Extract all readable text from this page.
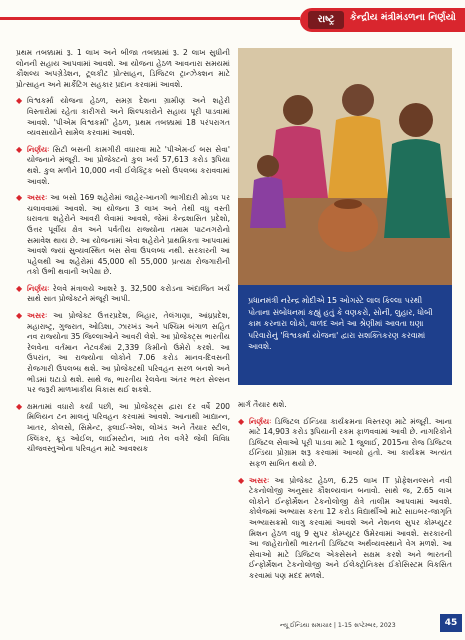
રાષ્ટ્ર	કેન્દ્રીય મંત્રીમંડળના નિર્ણયો

પ્રથમ તબક્કામાં રૂ. 1 લાખ અને બીજા તબક્કામાં રૂ. 2 લાખ સુધીની લોનની સહાય આપવામાં આવશે. આ યોજના હેઠળ આવનારા સમયમાં કૌશલ્ય અપગ્રેડેશન, ટૂલકીટ પ્રોત્સાહન, ડિજિટલ ટ્રાન્ઝેક્શન માટે પ્રોત્સાહન અને માર્કેટિંગ સહકાર પ્રદાન કરવામાં આવશે.

◆ વિશ્વકર્મા યોજના હેઠળ, સમગ્ર દેશના ગ્રામીણ અને શહેરી વિસ્તારોમાં રહેતા કારીગરો અને શિલ્પકારોને સહાય પૂરી પાડવામાં આવશે. 'પીએમ વિશ્વકર્મા' હેઠળ, પ્રથમ તબક્કામાં 18 પરંપરાગત વ્યવસાયોને સામેલ કરવામાં આવશે.

◆ નિર્ણયઃ સિટી બસની કામગીરી વધારવા માટે 'પીએમ-ઈ બસ સેવા' યોજનાને મંજૂરી. આ પ્રોજેક્ટનો કુલ ખર્ચ 57,613 કરોડ રૂપિયા થશે. કુલ મળીને 10,000 નવી ઈલેક્ટ્રિક બસો ઉપલબ્ધ કરાવવામાં આવશે.

◆ અસરઃ આ બસો 169 શહેરોમાં જાહેર-ખાનગી ભાગીદારી મોડલ પર ચલાવવામાં આવશે. આ યોજના 3 લાખ અને તેથી વધુ વસ્તી ધરાવતા શહેરોને આવરી લેવામાં આવશે, જેમાં કેન્દ્રશાસિત પ્રદેશો, ઉત્તર પૂર્વીય ક્ષેત્ર અને પર્વતીય રાજ્યોના તમામ પાટનગરોનો સમાવેશ થાય છે. આ યોજનામાં એવા શહેરોને પ્રાથમિકતા આપવામાં આવશે જ્યાં સુવ્યવસ્થિત બસ સેવા ઉપલબ્ધ નથી. સરકારની આ પહેલથી આ શહેરોમાં 45,000 થી 55,000 પ્રત્યક્ષ રોજગારીની તકો ઉભી થવાની અપેક્ષા છે.

◆ નિર્ણયઃ રેલવે મંત્રાલયે આશરે રૂ. 32,500 કરોડના અંદાજિત ખર્ચ સાથે સાત પ્રોજેક્ટને મંજૂરી આપી.

◆ અસરઃ આ પ્રોજેક્ટ ઉત્તરપ્રદેશ, બિહાર, તેલંગાણા, આંધ્રપ્રદેશ, મહારાષ્ટ્ર, ગુજરાત, ઓડિશા, ઝારખંડ અને પશ્ચિમ બંગાળ સહિત નવ રાજ્યોના 35 જિલ્લાઓને આવરી લેશે. આ પ્રોજેક્ટ્સ ભારતીય રેલવેના વર્તમાન નેટવર્કમાં 2,339 કિમીનો ઉમેરો કરશે. આ ઉપરાંત, આ રાજ્યોના લોકોને 7.06 કરોડ માનવ-દિવસની રોજગારી ઉપલબ્ધ થશે. આ પ્રોજેક્ટથી પરિવહન સરળ બનશે અને ભીડમાં ઘટાડો થશે. સાથે જ, ભારતીય રેલવેના અંતર ભરત સેલ્સન પર જરૂરી માળખાકીય વિકાસ થઈ શકશે.

◆ ક્ષમતામાં વધારો કર્યા પછી, આ પ્રોજેક્ટ્સ દ્વારા દર વર્ષે 200 મિલિયન ટન માલનું પરિવહન કરવામાં આવશે. આનાથી ખાદ્યાન્ન, ખાતર, કોલસો, સિમેન્ટ, ફ્લાઈ-એશ, લોખંડ અને તૈયાર સ્ટીલ, ક્લિંકર, ક્રૂડ ઓઈલ, લાઈમસ્ટોન, ખાદ્ય તેલ વગેરે જેવી વિવિધ ચીજવસ્તુઓના પરિવહન માટે આવશ્યક

પ્રધાનમંત્રી નરેન્દ્ર મોદીએ 15 ઓગસ્ટે લાલ કિલ્લા પરથી પોતાના સંબોધનમાં કહ્યું હતું કે વણકરો, સોની, લુહાર, ધોબી કામ કરનારા લોકો, વાળંદ અને આ શ્રેણીમાં આવતા ઘણા પરિવારોનું 'વિશ્વકર્મા યોજના' દ્વારા સશક્તિકરણ કરવામાં આવશે.

માર્ગ તૈયાર થશે.

◆ નિર્ણયઃ ડિજિટલ ઈન્ડિયા કાર્યક્રમના વિસ્તરણ માટે મંજૂરી. આના માટે 14,903 કરોડ રૂપિયાની રકમ ફાળવવામાં આવી છે. નાગરિકોને ડિજિટલ સેવાઓ પૂરી પાડવા માટે 1 જુલાઈ, 2015ના રોજ ડિજિટલ ઈન્ડિયા પ્રોગ્રામ શરૂ કરવામાં આવ્યો હતો. આ કાર્યક્રમ અત્યંત સફળ સાબિત થયો છે.

◆ અસરઃ આ પ્રોજેક્ટ હેઠળ, 6.25 લાખ IT પ્રોફેશનલ્સને નવી ટેકનોલોજી અનુસાર કૌશલ્યવાન બનાવો. સાથે જ, 2.65 લાખ લોકોને ઈન્ફોર્મેશન ટેકનોલોજી ક્ષેત્રે તાલીમ આપવામાં આવશે. કોલેજમાં અભ્યાસ કરતા 12 કરોડ વિદ્યાર્થીઓ માટે સાઇબર-જાગૃતિ અભ્યાસક્રમો લાગુ કરવામાં આવશે અને નેશનલ સુપર કોમ્પ્યુટર મિશન હેઠળ વધુ 9 સુપર કોમ્પ્યુટર ઉમેરવામાં આવશે. સરકારની આ જાહેરાતોથી ભારતની ડિજિટલ અર્થવ્યવસ્થાને વેગ મળશે. આ સેવાઓ માટે ડિજિટલ એક્સેસને સક્ષમ કરશે અને ભારતની ઈન્ફોર્મેશન ટેકનોલોજી અને ઈલેક્ટ્રોનિક્સ ઈકોસિસ્ટમ વિકસિત કરવામાં પણ મદદ મળશે.

ન્યૂ ઈન્ડિયા સમાચાર | 1-15 સપ્ટેમ્બર, 2023	45
